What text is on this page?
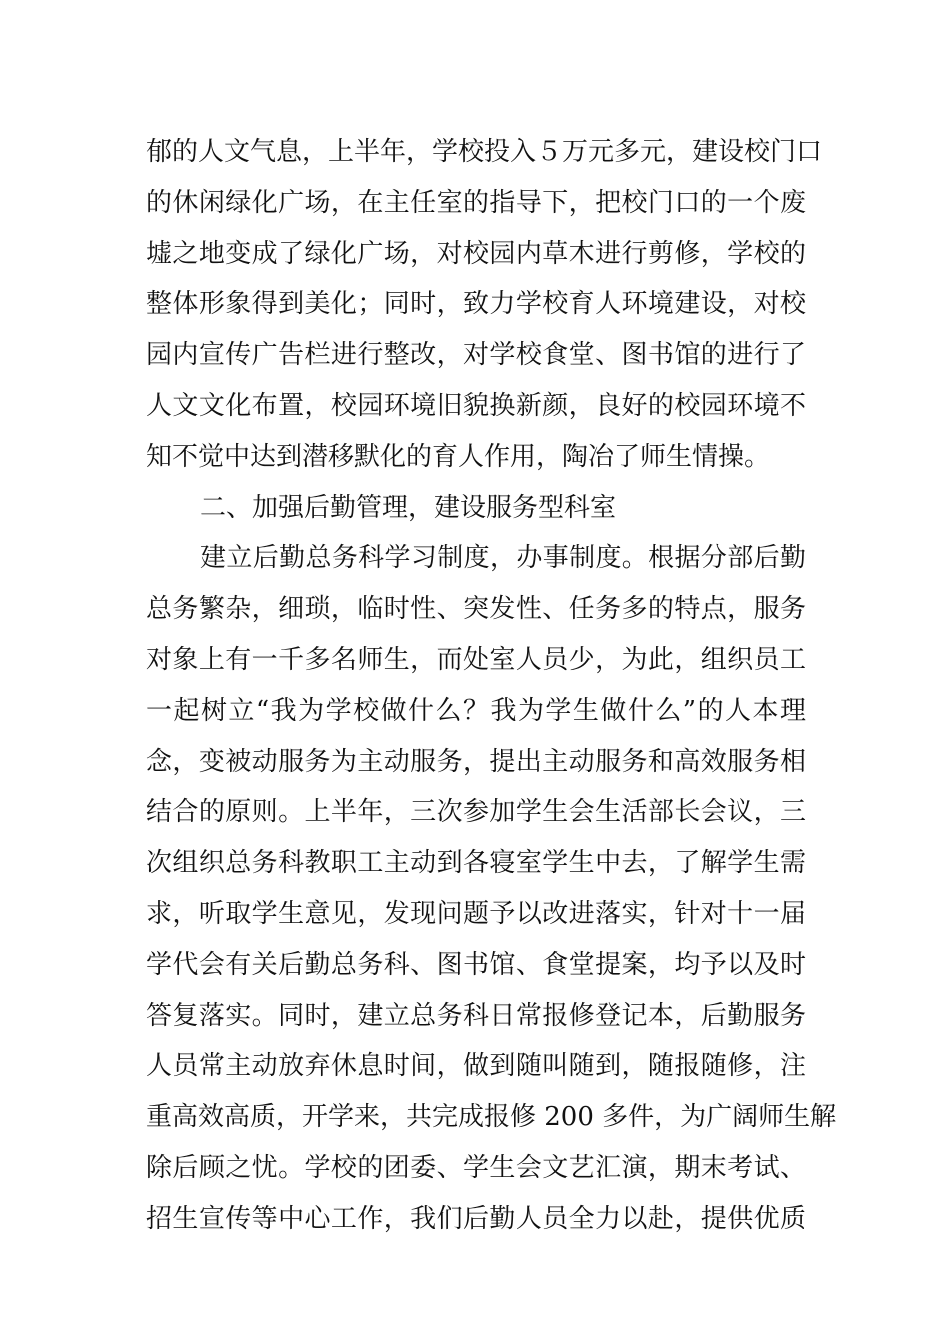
郁的人文气息，上半年，学校投入５万元多元，建设校门口
的休闲绿化广场，在主任室的指导下，把校门口的一个废
墟之地变成了绿化广场，对校园内草木进行剪修，学校的
整体形象得到美化；同时，致力学校育人环境建设，对校
园内宣传广告栏进行整改，对学校食堂、图书馆的进行了
人文文化布置，校园环境旧貌换新颜，良好的校园环境不
知不觉中达到潜移默化的育人作用，陶冶了师生情操。
二、加强后勤管理，建设服务型科室
建立后勤总务科学习制度，办事制度。根据分部后勤
总务繁杂，细琐，临时性、突发性、任务多的特点，服务
对象上有一千多名师生，而处室人员少，为此，组织员工
一起树立“我为学校做什么？我为学生做什么”的人本理
念，变被动服务为主动服务，提出主动服务和高效服务相
结合的原则。上半年，三次参加学生会生活部长会议，三
次组织总务科教职工主动到各寝室学生中去，了解学生需
求，听取学生意见，发现问题予以改进落实，针对十一届
学代会有关后勤总务科、图书馆、食堂提案，均予以及时
答复落实。同时，建立总务科日常报修登记本，后勤服务
人员常主动放弃休息时间，做到随叫随到，随报随修，注
重高效高质，开学来，共完成报修 200 多件，为广阔师生解
除后顾之忧。学校的团委、学生会文艺汇演，期末考试、
招生宣传等中心工作，我们后勤人员全力以赴，提供优质
